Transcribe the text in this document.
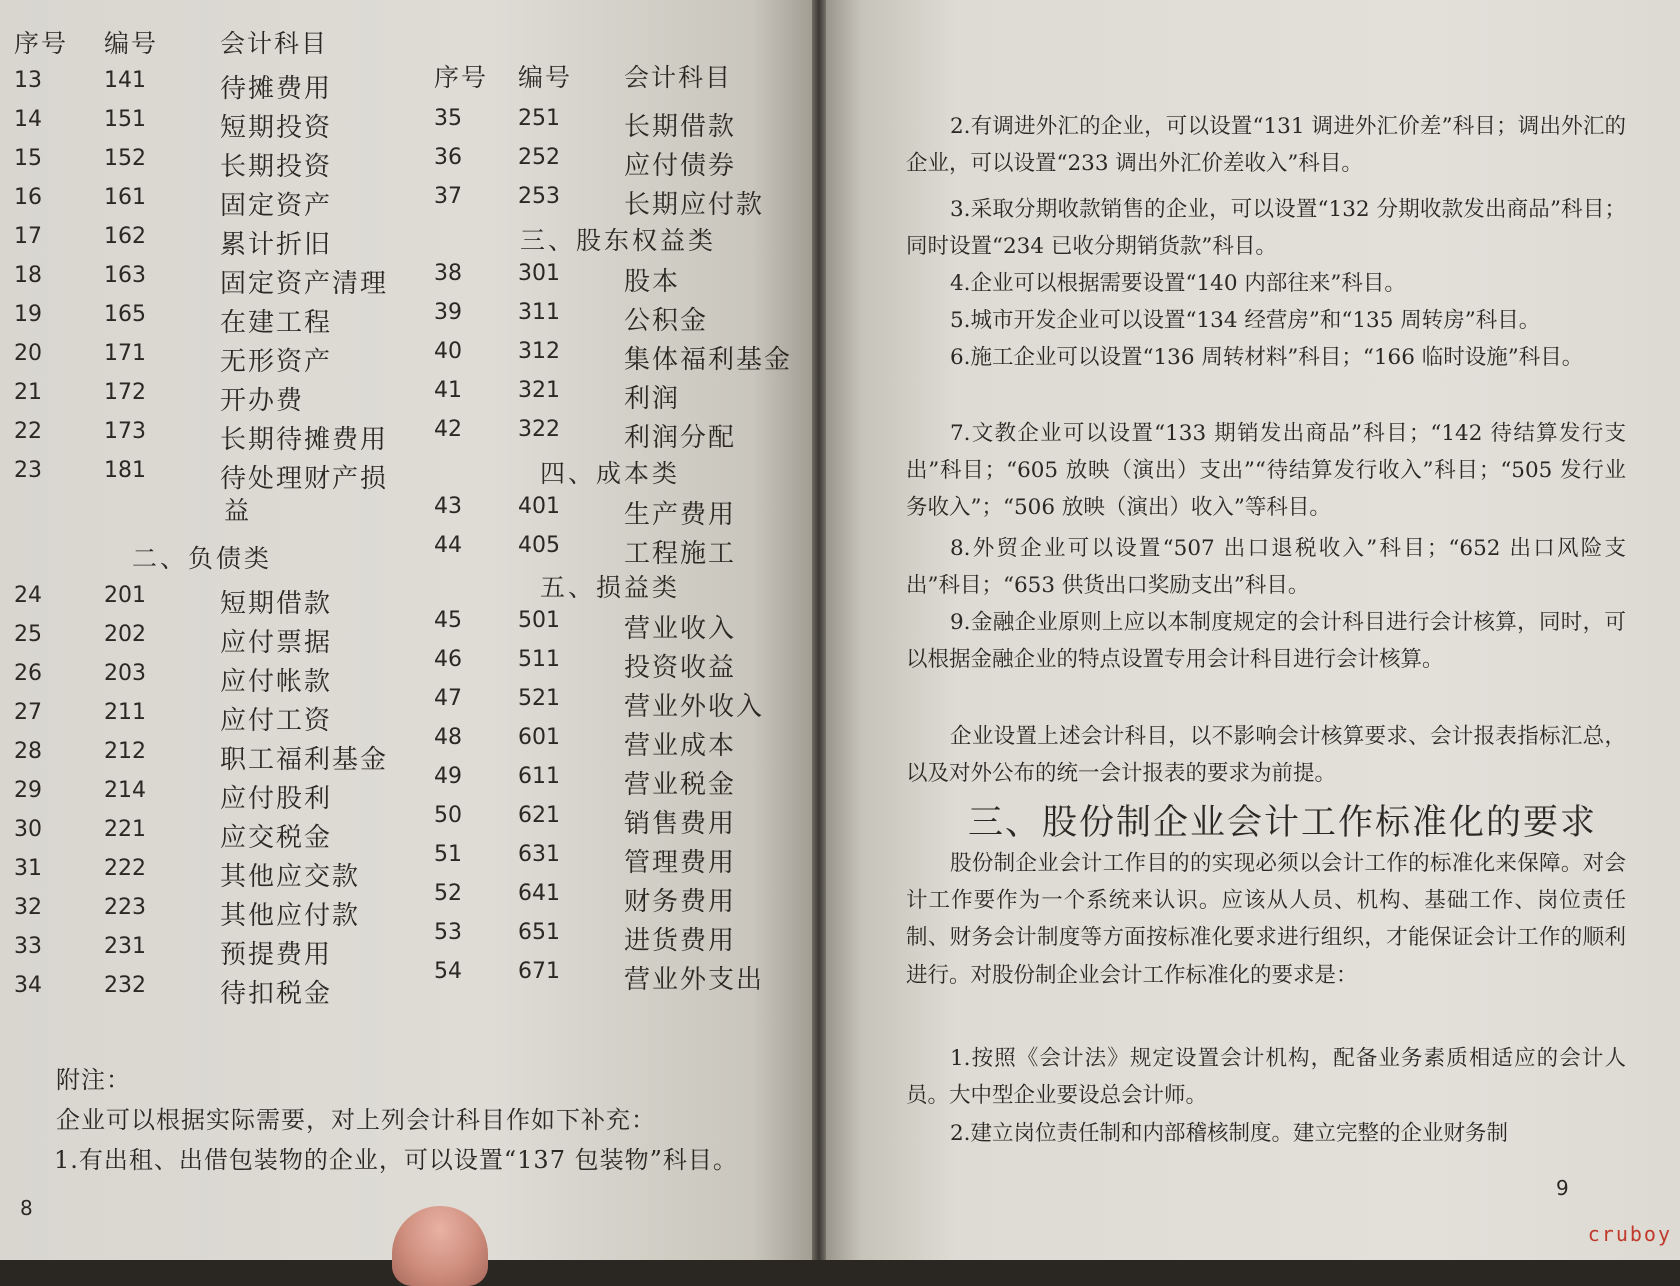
序号 编号 会计科目
13	141	待摊费用
14	151	短期投资
15	152	长期投资
16	161	固定资产
17	162	累计折旧
18	163	固定资产清理
19	165	在建工程
20	171	无形资产
21	172	开办费
22	173	长期待摊费用
23	181	待处理财产损
益
二、负债类
24	201	短期借款
25	202	应付票据
26	203	应付帐款
27	211	应付工资
28	212	职工福利基金
29	214	应付股利
30	221	应交税金
31	222	其他应交款
32	223	其他应付款
33	231	预提费用
34	232	待扣税金
序号 编号 会计科目
35	251 长期借款
36	252 应付债券
37	253 长期应付款
三、股东权益类
38	301 股本
39	311 公积金
40	312 集体福利基金
41	321 利润
42	322 利润分配
四、成本类
43	401 生产费用
44	405 工程施工
五、损益类
45	501 营业收入
46	511 投资收益
47	521 营业外收入
48	601 营业成本
49	611 营业税金
50	621 销售费用
51	631 管理费用
52	641 财务费用
53	651 进货费用
54	671 营业外支出
附注：
企业可以根据实际需要，对上列会计科目作如下补充：
1.有出租、出借包装物的企业，可以设置“137 包装物”科目。
8

2.有调进外汇的企业，可以设置“131 调进外汇价差”科目；调出外汇的企业，可以设置“233 调出外汇价差收入”科目。

3.采取分期收款销售的企业，可以设置“132 分期收款发出商品”科目；同时设置“234 已收分期销货款”科目。

4.企业可以根据需要设置“140 内部往来”科目。

5.城市开发企业可以设置“134 经营房”和“135 周转房”科目。

6.施工企业可以设置“136 周转材料”科目；“166 临时设施”科目。

7.文教企业可以设置“133 期销发出商品”科目；“142 待结算发行支出”科目；“605 放映（演出）支出”“待结算发行收入”科目；“505 发行业务收入”；“506 放映（演出）收入”等科目。

8.外贸企业可以设置“507 出口退税收入”科目；“652 出口风险支出”科目；“653 供货出口奖励支出”科目。

9.金融企业原则上应以本制度规定的会计科目进行会计核算，同时，可以根据金融企业的特点设置专用会计科目进行会计核算。

企业设置上述会计科目，以不影响会计核算要求、会计报表指标汇总，以及对外公布的统一会计报表的要求为前提。

三、股份制企业会计工作标准化的要求

股份制企业会计工作目的的实现必须以会计工作的标准化来保障。对会计工作要作为一个系统来认识。应该从人员、机构、基础工作、岗位责任制、财务会计制度等方面按标准化要求进行组织，才能保证会计工作的顺利进行。对股份制企业会计工作标准化的要求是：

1.按照《会计法》规定设置会计机构，配备业务素质相适应的会计人员。大中型企业要设总会计师。

2.建立岗位责任制和内部稽核制度。建立完整的企业财务制

9
cruboy
